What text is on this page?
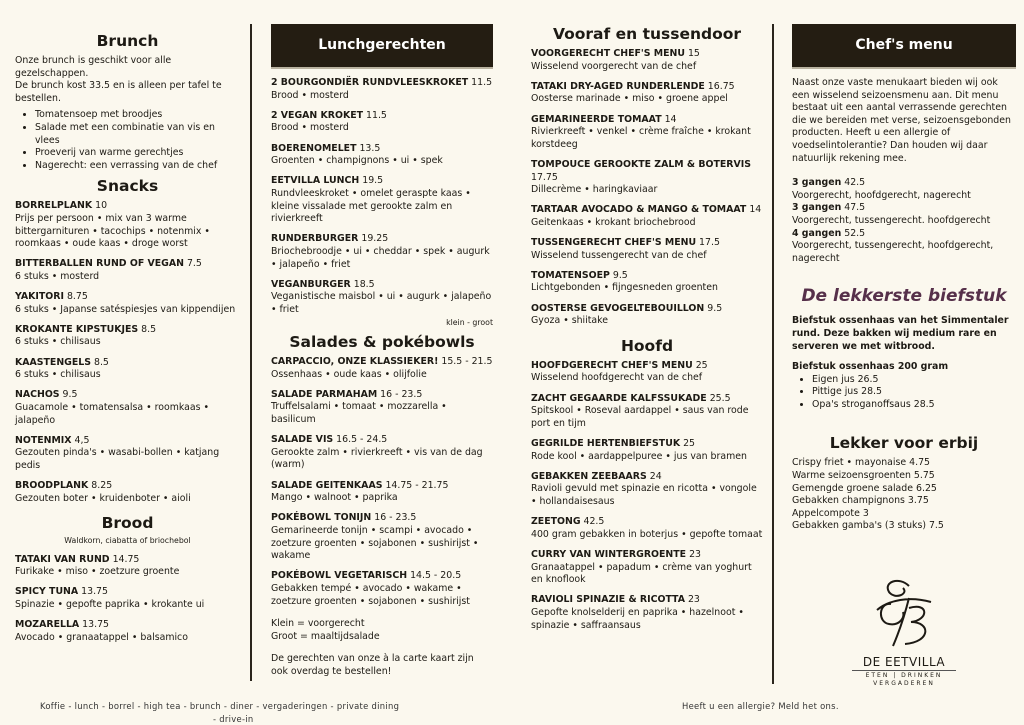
Brunch

Onze brunch is geschikt voor alle gezelschappen.

De brunch kost 33.5 en is alleen per tafel te bestellen.

• Tomatensoep met broodjes
• Salade met een combinatie van vis en vlees
• Proeverij van warme gerechtjes
• Nagerecht: een verrassing van de chef
Snacks
BORRELPLANK 10
Prijs per persoon • mix van 3 warme bittergarnituren • tacochips • notenmix • roomkaas • oude kaas • droge worst
BITTERBALLEN RUND OF VEGAN 7.5
6 stuks • mosterd
YAKITORI 8.75
6 stuks • Japanse satéspiesjes van kippendijen
KROKANTE KIPSTUKJES 8.5
6 stuks • chilisaus
KAASTENGELS 8.5
6 stuks • chilisaus
NACHOS 9.5
Guacamole • tomatensalsa • roomkaas • jalapeño
NOTENMIX 4,5
Gezouten pinda's • wasabi-bollen • katjang pedis
BROODPLANK 8.25
Gezouten boter • kruidenboter • aioli
Brood
Waldkorn, ciabatta of briochebol
TATAKI VAN RUND 14.75
Furikake • miso • zoetzure groente
SPICY TUNA 13.75
Spinazie • gepofte paprika • krokante ui
MOZARELLA 13.75
Avocado • granaatappel • balsamico
Lunchgerechten
2 BOURGONDIËR RUNDVLEESKROKET 11.5
Brood • mosterd
2 VEGAN KROKET 11.5
Brood • mosterd
BOERENOMELET 13.5
Groenten • champignons • ui • spek
EETVILLA LUNCH 19.5
Rundvleeskroket • omelet geraspte kaas • kleine vissalade met gerookte zalm en rivierkreeft
RUNDERBURGER 19.25
Briochebroodje • ui • cheddar • spek • augurk • jalapeño • friet
VEGANBURGER 18.5
Veganistische maisbol • ui • augurk • jalapeño • friet
klein - groot
Salades & pokébowls
CARPACCIO, ONZE KLASSIEKER! 15.5 - 21.5
Ossenhaas • oude kaas • olijfolie
SALADE PARMAHAM 16 - 23.5
Truffelsalami • tomaat • mozzarella • basilicum
SALADE VIS 16.5 - 24.5
Gerookte zalm • rivierkreeft • vis van de dag (warm)
SALADE GEITENKAAS 14.75 - 21.75
Mango • walnoot • paprika
POKÉBOWL TONIJN 16 - 23.5
Gemarineerde tonijn • scampi • avocado • zoetzure groenten • sojabonen • sushirijst • wakame
POKÉBOWL VEGETARISCH 14.5 - 20.5
Gebakken tempé • avocado • wakame • zoetzure groenten • sojabonen • sushirijst

Klein = voorgerecht

Groot = maaltijdsalade

De gerechten van onze à la carte kaart zijn ook overdag te bestellen!

Vooraf en tussendoor
VOORGERECHT CHEF'S MENU 15
Wisselend voorgerecht van de chef
TATAKI DRY-AGED RUNDERLENDE 16.75
Oosterse marinade • miso • groene appel
GEMARINEERDE TOMAAT 14
Rivierkreeft • venkel • crème fraîche • krokant korstdeeg
TOMPOUCE GEROOKTE ZALM & BOTERVIS 17.75
Dillecrème • haringkaviaar
TARTAAR AVOCADO & MANGO & TOMAAT 14
Geitenkaas • krokant briochebrood
TUSSENGERECHT CHEF'S MENU 17.5
Wisselend tussengerecht van de chef
TOMATENSOEP 9.5
Lichtgebonden • fijngesneden groenten
OOSTERSE GEVOGELTEBOUILLON 9.5
Gyoza • shiitake
Hoofd
HOOFDGERECHT CHEF'S MENU 25
Wisselend hoofdgerecht van de chef
ZACHT GEGAARDE KALFSSUKADE 25.5
Spitskool • Roseval aardappel • saus van rode port en tijm
GEGRILDE HERTENBIEFSTUK 25
Rode kool • aardappelpuree • jus van bramen
GEBAKKEN ZEEBAARS 24
Ravioli gevuld met spinazie en ricotta • vongole • hollandaisesaus
ZEETONG 42.5
400 gram gebakken in boterjus • gepofte tomaat
CURRY VAN WINTERGROENTE 23
Granaatappel • papadum • crème van yoghurt en knoflook
RAVIOLI SPINAZIE & RICOTTA 23
Gepofte knolselderij en paprika • hazelnoot • spinazie • saffraansaus
Chef's menu

Naast onze vaste menukaart bieden wij ook een wisselend seizoensmenu aan. Dit menu bestaat uit een aantal verrassende gerechten die we bereiden met verse, seizoensgebonden producten. Heeft u een allergie of voedselintolerantie? Dan houden wij daar natuurlijk rekening mee.

3 gangen 42.5
Voorgerecht, hoofdgerecht, nagerecht
3 gangen 47.5
Voorgerecht, tussengerecht. hoofdgerecht
4 gangen 52.5
Voorgerecht, tussengerecht, hoofdgerecht, nagerecht
De lekkerste biefstuk

Biefstuk ossenhaas van het Simmentaler rund. Deze bakken wij medium rare en serveren we met witbrood.

Biefstuk ossenhaas 200 gram

• Eigen jus 26.5
• Pittige jus 28.5
• Opa's stroganoffsaus 28.5
Lekker voor erbij
Crispy friet • mayonaise 4.75
Warme seizoensgroenten 5.75
Gemengde groene salade 6.25
Gebakken champignons 3.75
Appelcompote 3
Gebakken gamba's (3 stuks) 7.5
DE EETVILLA
ETEN | DRINKEN
VERGADEREN
Koffie - lunch - borrel - high tea - brunch - diner - vergaderingen - private dining
- drive-in
Heeft u een allergie? Meld het ons.
